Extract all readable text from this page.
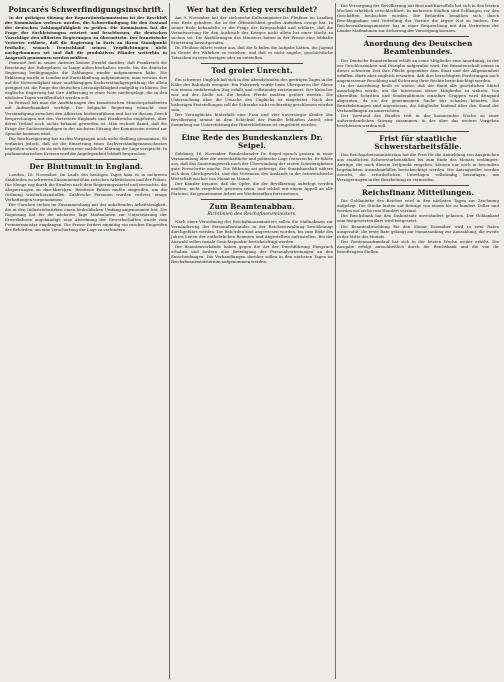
Poincarés Schwerfindigungsinschrift.

In der geitrigen Sitzung der Reparationskommission ist der Beschluß der Kommission verlesen worden, die Schwerfindigung für den Zustand der deutschen Zahlungsfähigkeit zu prüfen. Die Kommission hat die Frage der Sachleistungen erörtert und beschlossen, die deutschen Vorschläge den alliierten Regierungen zu übermitteln. Der französische Vertreter erklärte, daß die Regierung in Paris an ihrem Standpunkt festhalte, wonach Deutschland seinen Verpflichtungen nicht nachgekommen sei und daß die produktiven Pfänder weiterhin in Anspruch genommen werden müßten.

Poincaré ließ in seiner Antwort keinen Zweifel darüber, daß Frankreich die Besetzung des Ruhrgebiets so lange aufrechterhalten werde, bis die deutsche Regierung bedingungslos die Zahlungen wieder aufgenommen habe. Die Erklärung wurde in London mit Zurückhaltung aufgenommen; man verwies dort auf die Notwendigkeit einer unabhängigen Sachverständigenprüfung, die allein geeignet sei, die Frage der deutschen Leistungsfähigkeit endgültig zu klären. Die englische Regierung hat ihre Auffassung in einer Note niedergelegt, die in den nächsten Tagen veröffentlicht werden soll.

In Brüssel hat man die Ausführungen des französischen Ministerpräsidenten mit Aufmerksamkeit verfolgt. Die belgische Regierung wünscht eine Verständigung zwischen den Alliierten herbeizuführen und hat zu diesem Zweck Besprechungen mit den Vertretern Englands und Frankreichs eingeleitet, über deren Verlauf noch nichts bekannt geworden ist. Man rechnet damit, daß die Frage der Sachverständigen in der nächsten Sitzung der Kommission erneut zur Sprache kommen wird.

Die Reichsregierung hat zu den Vorgängen noch nicht Stellung genommen. Es verlautet jedoch, daß sie die Einsetzung eines Sachverständigenausschusses begrüßen würde, da sie sich davon eine sachliche Klärung der Lage verspricht. In parlamentarischen Kreisen wird die Angelegenheit lebhaft besprochen.

Der Bluttumult in England.

London, 16. November. Im Laufe des heutigen Tages kam es in mehreren Stadtteilen zu schweren Zusammenstößen zwischen Arbeitslosen und der Polizei. Die Menge zog durch die Straßen nach dem Regierungsviertel und versuchte, die Absperrungen zu durchbrechen. Berittene Polizei mußte eingreifen, um die Ordnung wiederherzustellen. Zahlreiche Personen wurden verletzt, einige Verhaftungen vorgenommen.

Die Unruhen stehen im Zusammenhang mit der anhaltenden Arbeitslosigkeit, die in den Industriebezirken einen bedrohlichen Umfang angenommen hat. Die Regierung hat für die nächsten Tage Maßnahmen zur Unterstützung der Erwerbslosen angekündigt; eine Abordnung der Gewerkschaften wurde vom Premierminister empfangen. Die Presse fordert einmütig ein rasches Eingreifen der Behörden, um eine Verschärfung der Lage zu verhindern.

Wer hat den Krieg verschuldet?

Am 9. November hat der sächsische Kultusminister Dr. Fleißner im Landtag eine Rede gehalten, die in der Öffentlichkeit großes Aufsehen erregt hat. In seiner Rede behandelte er die Frage der Kriegsschuld und erklärte, daß die Verantwortung für den Ausbruch des Krieges nicht allein bei einer Macht zu suchen sei. Die Ausführungen des Ministers haben in der Presse eine lebhafte Erörterung hervorgerufen.

Dr. Fleißner führte weiter aus, daß die Schulen die Aufgabe hätten, die Jugend im Geiste der Wahrheit zu erziehen, und daß es nicht angehe, geschichtliche Tatsachen zu verschweigen oder zu entstellen.

Tod groler Unrecht.

Ein schweres Unglück hat sich in den Abendstunden des gestrigen Tages in der Nähe des Bahnhofs ereignet. Ein Fuhrwerk wurde beim Überqueren der Gleise von einem einfahrenden Zug erfaßt und vollständig zertrümmert. Der Kutscher war auf der Stelle tot, die beiden Pferde mußten getötet werden. Die Untersuchung über die Ursache des Unglücks ist eingeleitet. Nach den bisherigen Feststellungen soll die Schranke nicht rechtzeitig geschlossen worden sein.

Der Verunglückte hinterläßt eine Frau und vier unversorgte Kinder. Die Bevölkerung nimmt an dem Schicksal der Familie lebhaften Anteil; eine Sammlung zur Unterstützung der Hinterbliebenen ist eingeleitet worden.

Eine Rede des Bundeskanzlers Dr. Seipel.

Salzburg, 16. November. Bundeskanzler Dr. Seipel sprach gestern in einer Versammlung über die wirtschaftliche und politische Lage Österreichs. Er führte aus, daß das Sanierungswerk nach der Überwindung der ersten Schwierigkeiten gute Fortschritte mache. Die Währung sei gefestigt, der Staatshaushalt nähere sich dem Gleichgewicht, und das Vertrauen des Auslands in die österreichische Wirtschaft wachse von Monat zu Monat.

Der Kanzler betonte, daß die Opfer, die der Bevölkerung auferlegt werden mußten, nicht vergeblich gewesen seien, und schloß mit einem Appell an alle Parteien, die gemeinsame Arbeit am Wiederaufbau fortzusetzen.

Zum Beamtenabbau.
Richtlinien des Reichsfinanzministers.

Nach einer Verordnung des Reichsfinanzministers sollen die Maßnahmen zur Verminderung des Personalbestandes in der Reichsverwaltung beschleunigt durchgeführt werden. Die Behörden sind angewiesen worden, bis zum Ende des Jahres Listen der entbehrlichen Beamten und Angestellten aufzustellen. Bei der Auswahl sollen soziale Gesichtspunkte berücksichtigt werden.

Die Beamtenverbände haben gegen die Art der Durchführung Einspruch erhoben und fordern eine Beteiligung der Personalvertretungen an den Entscheidungen. Die Verhandlungen darüber sollen in den nächsten Tagen im Reichsfinanzministerium aufgenommen werden.

Die Versorgung der Bevölkerung mit Brot und Kartoffeln hat sich in den letzten Wochen erheblich verschlechtert. In mehreren Städten sind Schlangen vor den Geschäften beobachtet worden. Die Behörden bemühen sich, durch Beschlagnahme und Verteilung der Vorräte die ärgste Not zu lindern. Der Reichsernährungsminister hat in einer Besprechung mit den Vertretern der Länder Maßnahmen zur Sicherung der Versorgung beraten.

Anordnung des Deutschen Beamtenbundes.

Der Deutsche Beamtenbund erläßt an seine Mitglieder eine Anordnung, in der zur Geschlossenheit und Disziplin aufgerufen wird. Die Beamtenschaft müsse in dieser schweren Zeit ihre Pflicht gegenüber dem Staat und der Allgemeinheit erfüllen, dürfe aber zugleich erwarten, daß ihre berechtigten Forderungen nach angemessener Besoldung und Sicherung ihrer Rechte berücksichtigt werden.

In der Anordnung heißt es weiter, daß der Bund alle gesetzlichen Mittel ausschöpfen werde, um die Interessen seiner Mitglieder zu wahren. Von übereilten Schritten und Sonderaktionen einzelner Gruppen wird dringend abgeraten, da sie der gemeinsamen Sache nur schaden könnten. Die Bezirksleitungen sind angewiesen, die Mitglieder laufend über den Stand der Verhandlungen zu unterrichten.

Der Vorstand des Bundes tritt in der kommenden Woche zu einer außerordentlichen Sitzung zusammen, in der über das weitere Vorgehen beschlossen werden soll.

Frist für staatliche Schwerstarbeitsfälle.

Das Reichsarbeitsministerium hat die Frist für die Anmeldung von Ansprüchen aus staatlichen Schwerstarbeitsfällen bis zum Ende des Monats verlängert. Anträge, die nach diesem Zeitpunkt eingehen, können nur noch in besonders begründeten Ausnahmefällen berücksichtigt werden. Die Antragsteller werden ersucht, die erforderlichen Unterlagen vollständig beizufügen, um Verzögerungen in der Bearbeitung zu vermeiden.

Reichsfinanz Mitteilungen.

Die Goldanleihe des Reiches wird in den nächsten Tagen zur Zeichnung aufgelegt. Die Stücke lauten auf Beträge von einem bis zu hundert Dollar und werden mit sechs vom Hundert verzinst.

Die Reichsbank hat den Diskontsatz unverändert gelassen. Der Goldankauf zum festgesetzten Kurs wird fortgesetzt.

Die Beamtenbesoldung für den Monat Dezember wird in zwei Raten ausgezahlt; die erste Rate gelangt am Monatsanfang zur Auszahlung, die zweite in der Mitte des Monats.

Der Rentenmarkumlauf hat sich in der letzten Woche weiter erhöht. Die Ausgabe erfolgt ausschließlich durch die Reichsbank und die von ihr beauftragten Stellen.
